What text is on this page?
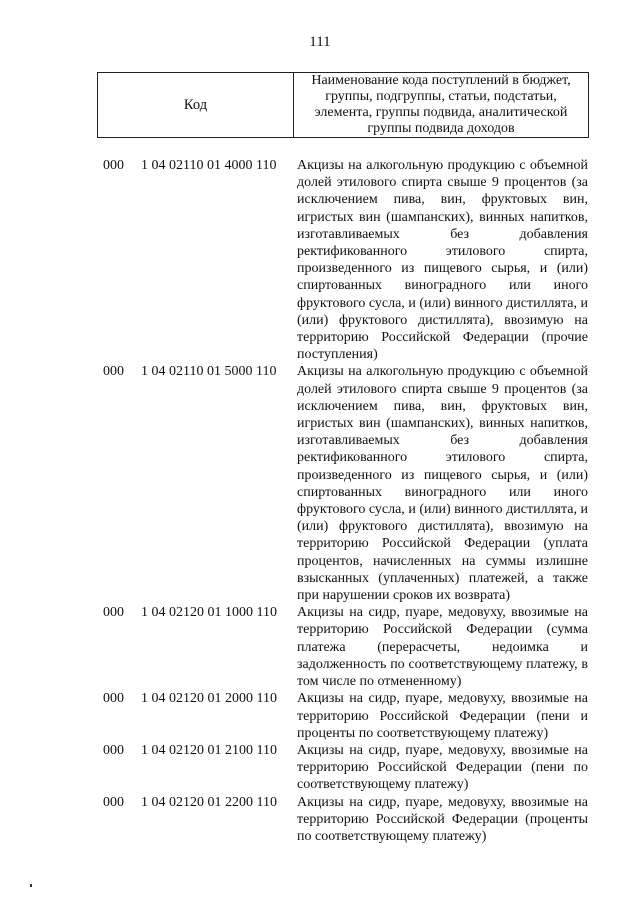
111
Код
Наименование кода поступлений в бюджет, группы, подгруппы, статьи, подстатьи, элемента, группы подвида, аналитической группы подвида доходов
000 1 04 02110 01 4000 110 Акцизы на алкогольную продукцию с объемной долей этилового спирта свыше 9 процентов (за исключением пива, вин, фруктовых вин, игристых вин (шампанских), винных напитков, изготавливаемых без добавления ректификованного этилового спирта, произведенного из пищевого сырья, и (или) спиртованных виноградного или иного фруктового сусла, и (или) винного дистиллята, и (или) фруктового дистиллята), ввозимую на территорию Российской Федерации (прочие поступления)
000 1 04 02110 01 5000 110 Акцизы на алкогольную продукцию с объемной долей этилового спирта свыше 9 процентов (за исключением пива, вин, фруктовых вин, игристых вин (шампанских), винных напитков, изготавливаемых без добавления ректификованного этилового спирта, произведенного из пищевого сырья, и (или) спиртованных виноградного или иного фруктового сусла, и (или) винного дистиллята, и (или) фруктового дистиллята), ввозимую на территорию Российской Федерации (уплата процентов, начисленных на суммы излишне взысканных (уплаченных) платежей, а также при нарушении сроков их возврата)
000 1 04 02120 01 1000 110 Акцизы на сидр, пуаре, медовуху, ввозимые на территорию Российской Федерации (сумма платежа (перерасчеты, недоимка и задолженность по соответствующему платежу, в том числе по отмененному)
000 1 04 02120 01 2000 110 Акцизы на сидр, пуаре, медовуху, ввозимые на территорию Российской Федерации (пени и проценты по соответствующему платежу)
000 1 04 02120 01 2100 110 Акцизы на сидр, пуаре, медовуху, ввозимые на территорию Российской Федерации (пени по соответствующему платежу)
000 1 04 02120 01 2200 110 Акцизы на сидр, пуаре, медовуху, ввозимые на территорию Российской Федерации (проценты по соответствующему платежу)
